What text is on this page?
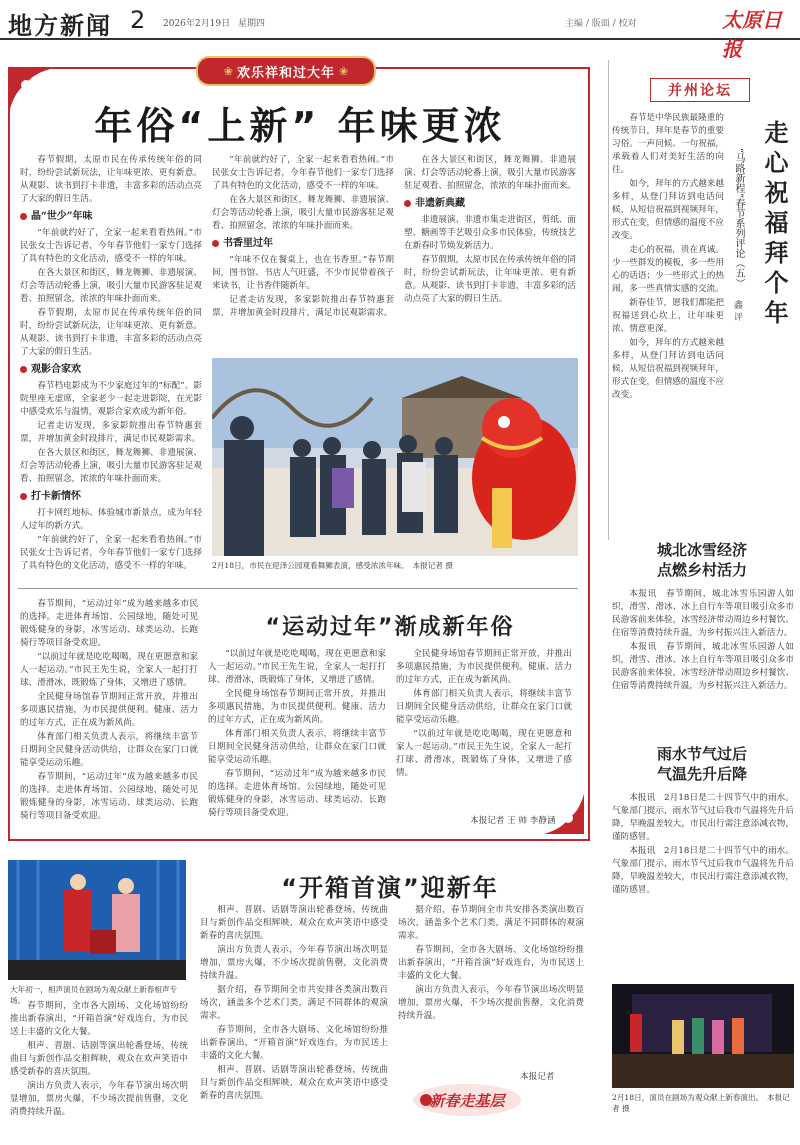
地方新闻 2 2026年2月19日 星期四	主编 / 版面 / 校对	太原日报
❀ 欢乐祥和过大年 ❀
年俗“上新” 年味更浓

春节假期，太原市民在传承传统年俗的同时，纷纷尝试新玩法，让年味更浓、更有新意。从观影、读书到打卡非遗，丰富多彩的活动点亮了大家的假日生活。

晶“世少”年味

“年前就约好了，全家一起来看看热闹。”市民张女士告诉记者，今年春节他们一家专门选择了具有特色的文化活动，感受不一样的年味。

在各大景区和街区，舞龙舞狮、非遗展演、灯会等活动轮番上演，吸引大量市民游客驻足观看、拍照留念，浓浓的年味扑面而来。

春节假期，太原市民在传承传统年俗的同时，纷纷尝试新玩法，让年味更浓、更有新意。从观影、读书到打卡非遗，丰富多彩的活动点亮了大家的假日生活。

观影合家欢

春节档电影成为不少家庭过年的“标配”。影院里座无虚席，全家老少一起走进影院，在光影中感受欢乐与温情，观影合家欢成为新年俗。

记者走访发现，多家影院推出春节特惠套票，并增加黄金时段排片，满足市民观影需求。

在各大景区和街区，舞龙舞狮、非遗展演、灯会等活动轮番上演，吸引大量市民游客驻足观看、拍照留念，浓浓的年味扑面而来。

打卡新情怀

打卡网红地标、体验城市新景点，成为年轻人过年的新方式。

“年前就约好了，全家一起来看看热闹。”市民张女士告诉记者，今年春节他们一家专门选择了具有特色的文化活动，感受不一样的年味。

“年前就约好了，全家一起来看看热闹。”市民张女士告诉记者，今年春节他们一家专门选择了具有特色的文化活动，感受不一样的年味。

在各大景区和街区，舞龙舞狮、非遗展演、灯会等活动轮番上演，吸引大量市民游客驻足观看、拍照留念，浓浓的年味扑面而来。

书香里过年

“年味不仅在餐桌上，也在书香里。”春节期间，图书馆、书店人气旺盛，不少市民带着孩子来读书，让书香伴随新年。

记者走访发现，多家影院推出春节特惠套票，并增加黄金时段排片，满足市民观影需求。

在各大景区和街区，舞龙舞狮、非遗展演、灯会等活动轮番上演，吸引大量市民游客驻足观看、拍照留念，浓浓的年味扑面而来。

非遗新典藏

非遗展演、非遗市集走进街区，剪纸、面塑、糖画等手艺吸引众多市民体验，传统技艺在新春时节焕发新活力。

春节假期，太原市民在传承传统年俗的同时，纷纷尝试新玩法，让年味更浓、更有新意。从观影、读书到打卡非遗，丰富多彩的活动点亮了大家的假日生活。

2月18日，市民在迎泽公园观看舞狮表演，感受浓浓年味。　本报记者 摄
“运动过年”渐成新年俗

春节期间，“运动过年”成为越来越多市民的选择。走进体育场馆、公园绿地，随处可见锻炼健身的身影，冰雪运动、球类运动、长跑骑行等项目备受欢迎。

“以前过年就是吃吃喝喝，现在更愿意和家人一起运动。”市民王先生说，全家人一起打打球、滑滑冰，既锻炼了身体，又增进了感情。

全民健身场馆春节期间正常开放，并推出多项惠民措施，为市民提供便利。健康、活力的过年方式，正在成为新风尚。

体育部门相关负责人表示，将继续丰富节日期间全民健身活动供给，让群众在家门口就能享受运动乐趣。

春节期间，“运动过年”成为越来越多市民的选择。走进体育场馆、公园绿地，随处可见锻炼健身的身影，冰雪运动、球类运动、长跑骑行等项目备受欢迎。

“以前过年就是吃吃喝喝，现在更愿意和家人一起运动。”市民王先生说，全家人一起打打球、滑滑冰，既锻炼了身体，又增进了感情。

全民健身场馆春节期间正常开放，并推出多项惠民措施，为市民提供便利。健康、活力的过年方式，正在成为新风尚。

体育部门相关负责人表示，将继续丰富节日期间全民健身活动供给，让群众在家门口就能享受运动乐趣。

春节期间，“运动过年”成为越来越多市民的选择。走进体育场馆、公园绿地，随处可见锻炼健身的身影，冰雪运动、球类运动、长跑骑行等项目备受欢迎。

全民健身场馆春节期间正常开放，并推出多项惠民措施，为市民提供便利。健康、活力的过年方式，正在成为新风尚。

体育部门相关负责人表示，将继续丰富节日期间全民健身活动供给，让群众在家门口就能享受运动乐趣。

“以前过年就是吃吃喝喝，现在更愿意和家人一起运动。”市民王先生说，全家人一起打打球、滑滑冰，既锻炼了身体，又增进了感情。

本报记者 王 帅 李静涵
“开箱首演”迎新年
大年初一，相声演员在剧场为观众献上新春相声专场。

春节期间，全市各大剧场、文化场馆纷纷推出新春演出，“开箱首演”好戏连台，为市民送上丰盛的文化大餐。

相声、晋剧、话剧等演出轮番登场，传统曲目与新创作品交相辉映，观众在欢声笑语中感受新春的喜庆氛围。

演出方负责人表示，今年春节演出场次明显增加，票房火爆，不少场次提前售罄，文化消费持续升温。

相声、晋剧、话剧等演出轮番登场，传统曲目与新创作品交相辉映，观众在欢声笑语中感受新春的喜庆氛围。

演出方负责人表示，今年春节演出场次明显增加，票房火爆，不少场次提前售罄，文化消费持续升温。

据介绍，春节期间全市共安排各类演出数百场次，涵盖多个艺术门类，满足不同群体的观演需求。

春节期间，全市各大剧场、文化场馆纷纷推出新春演出，“开箱首演”好戏连台，为市民送上丰盛的文化大餐。

相声、晋剧、话剧等演出轮番登场，传统曲目与新创作品交相辉映，观众在欢声笑语中感受新春的喜庆氛围。

据介绍，春节期间全市共安排各类演出数百场次，涵盖多个艺术门类，满足不同群体的观演需求。

春节期间，全市各大剧场、文化场馆纷纷推出新春演出，“开箱首演”好戏连台，为市民送上丰盛的文化大餐。

演出方负责人表示，今年春节演出场次明显增加，票房火爆，不少场次提前售罄，文化消费持续升温。

本报记者
新春走基层
并州论坛

春节是中华民族最隆重的传统节日，拜年是春节的重要习俗。一声问候、一句祝福，承载着人们对美好生活的向往。

如今，拜年的方式越来越多样，从登门拜访到电话问候，从短信祝福到视频拜年，形式在变，但情感的温度不应改变。

走心的祝福，贵在真诚。少一些群发的模板，多一些用心的话语；少一些形式上的热闹，多一些真情实感的交流。

新春佳节，愿我们都能把祝福送到心坎上，让年味更浓、情意更深。

如今，拜年的方式越来越多样，从登门拜访到电话问候，从短信祝福到视频拜年，形式在变，但情感的温度不应改变。

“马路新程”春节系列评论（五） 走心祝福拜个年
鑫 评
城北冰雪经济
点燃乡村活力

本报讯　春节期间，城北冰雪乐园游人如织，滑雪、滑冰、冰上自行车等项目吸引众多市民游客前来体验，冰雪经济带动周边乡村餐饮、住宿等消费持续升温，为乡村振兴注入新活力。

本报讯　春节期间，城北冰雪乐园游人如织，滑雪、滑冰、冰上自行车等项目吸引众多市民游客前来体验，冰雪经济带动周边乡村餐饮、住宿等消费持续升温，为乡村振兴注入新活力。

雨水节气过后
气温先升后降

本报讯　2月18日是二十四节气中的雨水。气象部门提示，雨水节气过后我市气温将先升后降，早晚温差较大，市民出行需注意添减衣物，谨防感冒。

本报讯　2月18日是二十四节气中的雨水。气象部门提示，雨水节气过后我市气温将先升后降，早晚温差较大，市民出行需注意添减衣物，谨防感冒。

2月18日，演员在剧场为观众献上新春演出。　本报记者 摄
